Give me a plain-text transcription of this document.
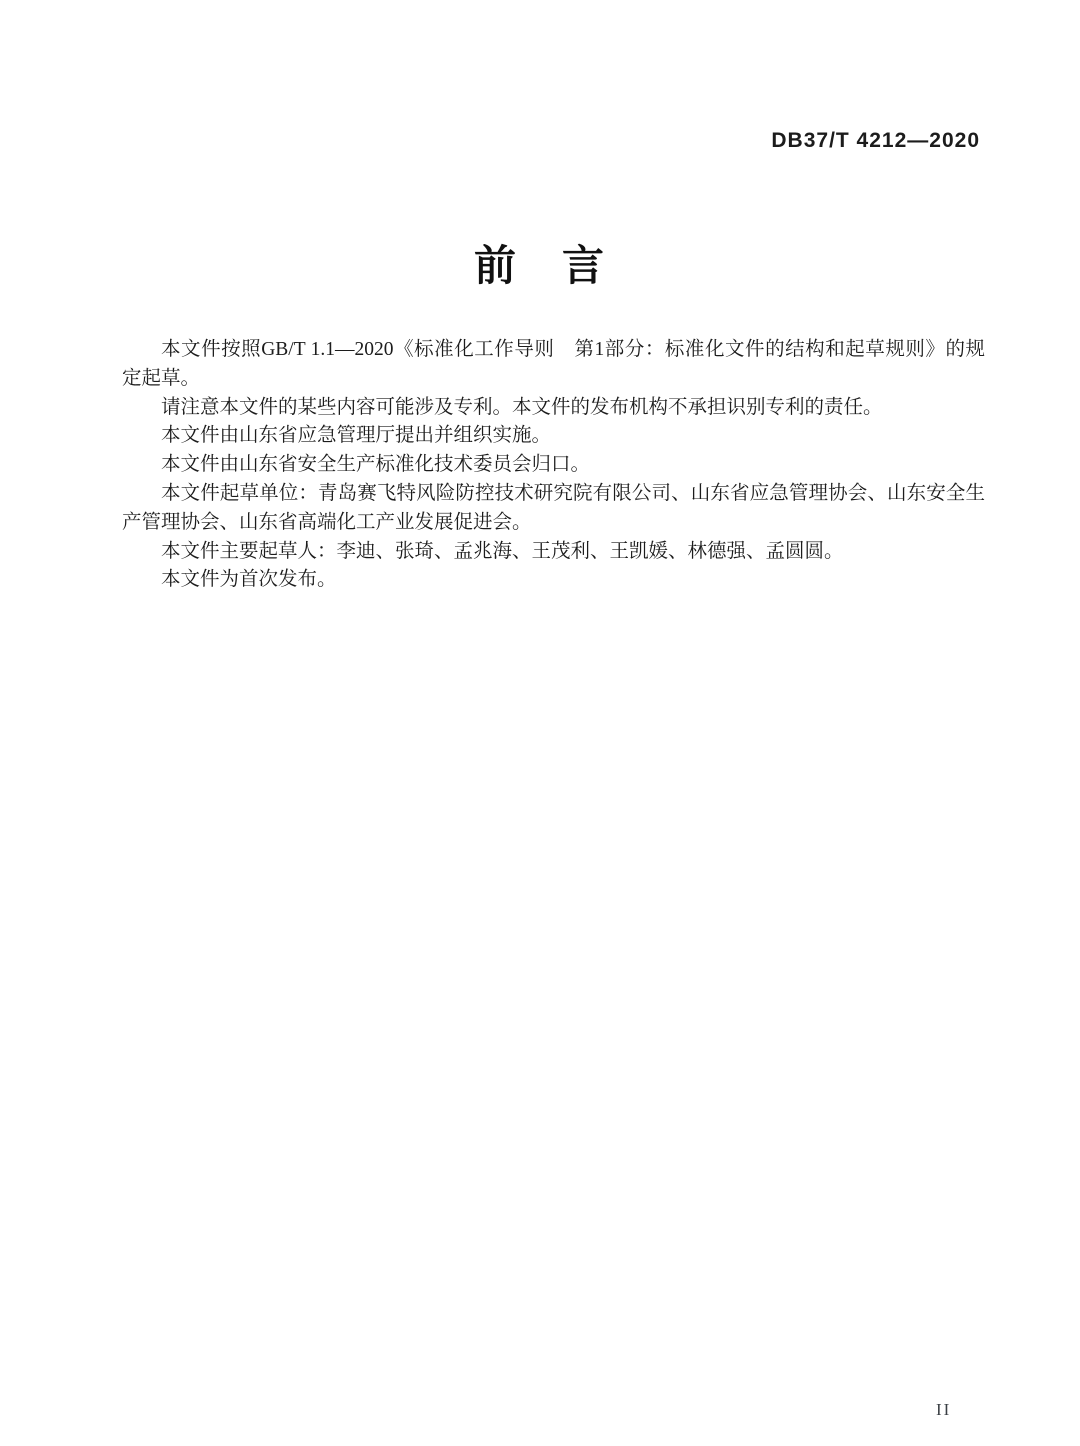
DB37/T 4212—2020
前　言

本文件按照GB/T 1.1—2020《标准化工作导则　第1部分：标准化文件的结构和起草规则》的规定起草。

请注意本文件的某些内容可能涉及专利。本文件的发布机构不承担识别专利的责任。

本文件由山东省应急管理厅提出并组织实施。

本文件由山东省安全生产标准化技术委员会归口。

本文件起草单位：青岛赛飞特风险防控技术研究院有限公司、山东省应急管理协会、山东安全生产管理协会、山东省高端化工产业发展促进会。

本文件主要起草人：李迪、张琦、孟兆海、王茂利、王凯媛、林德强、孟圆圆。

本文件为首次发布。

II
